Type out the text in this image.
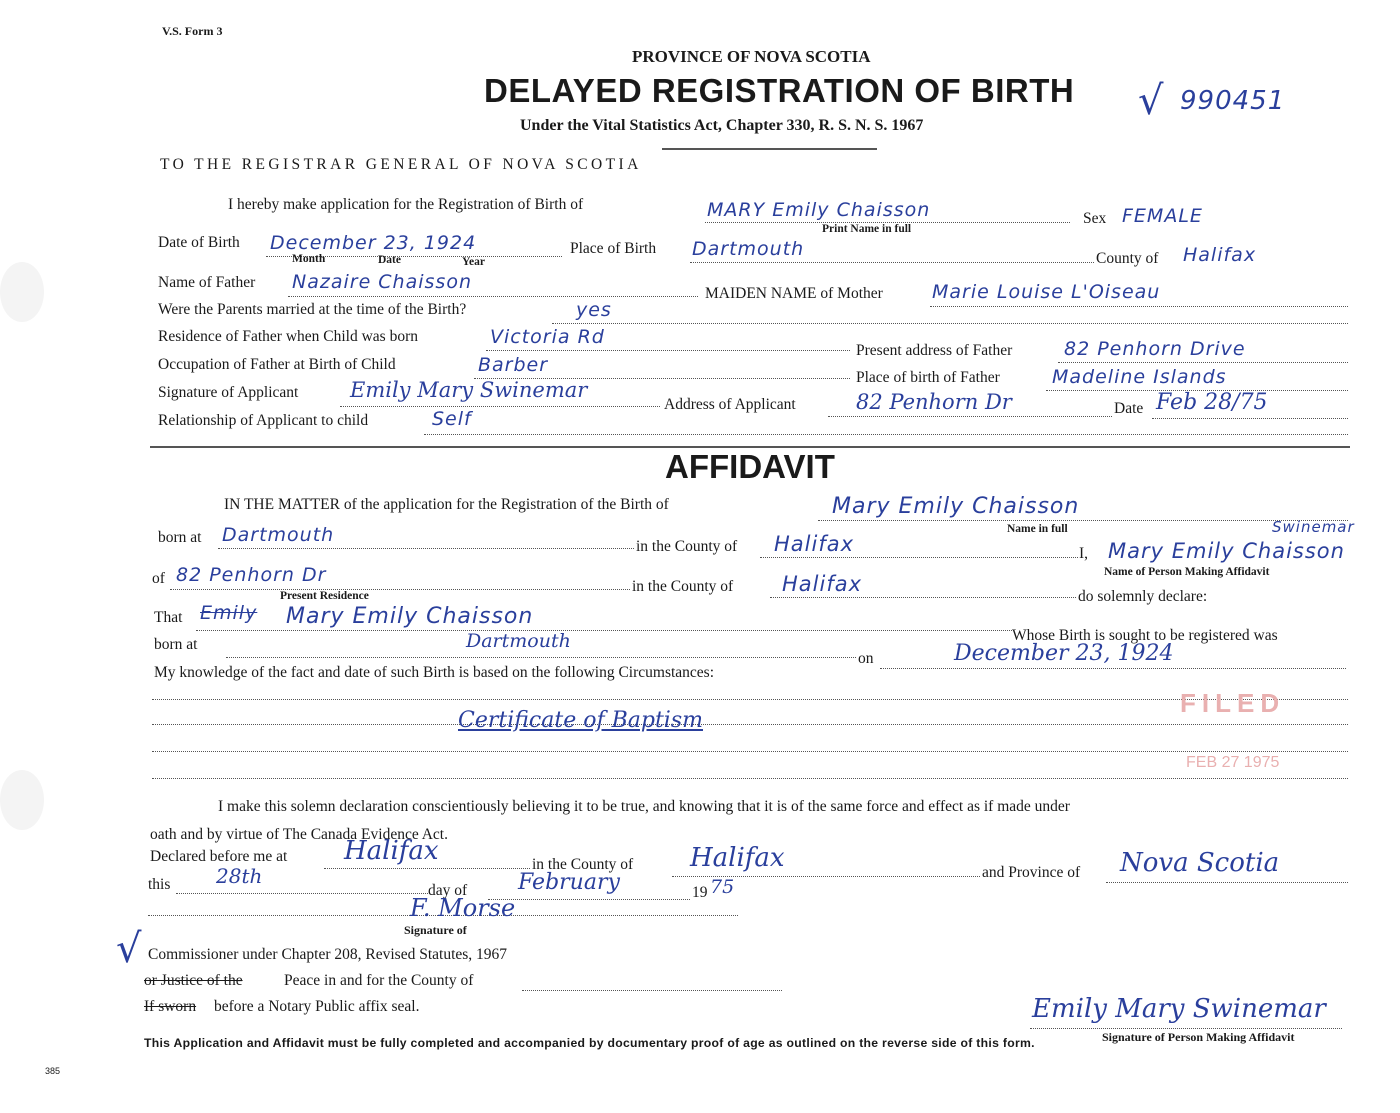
V.S. Form 3
PROVINCE OF NOVA SCOTIA
DELAYED REGISTRATION OF BIRTH
Under the Vital Statistics Act, Chapter 330, R. S. N. S. 1967
√ 990451
TO THE REGISTRAR GENERAL OF NOVA SCOTIA
I hereby make application for the Registration of Birth of	MARY Emily Chaisson
Print Name in full
Sex FEMALE
Date of Birth December 23, 1924
Month	Date	Year
Place of Birth Dartmouth	County of Halifax
Name of Father Nazaire Chaisson
MAIDEN NAME of Mother	Marie Louise L'Oiseau
Were the Parents married at the time of the Birth?	yes
Residence of Father when Child was born	Victoria Rd
Present address of Father	82 Penhorn Drive
Occupation of Father at Birth of Child	Barber
Place of birth of Father	Madeline Islands
Signature of Applicant Emily Mary Swinemar
Address of Applicant	82 Penhorn Dr	Date Feb 28/75
Relationship of Applicant to child	Self
AFFIDAVIT
IN THE MATTER of the application for the Registration of the Birth of	Mary Emily Chaisson
Name in full
born at Dartmouth
in the County of Halifax	I, Mary Emily Chaisson
Swinemar
Name of Person Making Affidavit
of 82 Penhorn Dr
Present Residence
in the County of Halifax
do solemnly declare:
That Emily Mary Emily Chaisson
Whose Birth is sought to be registered was
born at	Dartmouth
on	December 23, 1924
My knowledge of the fact and date of such Birth is based on the following Circumstances:
Certificate of Baptism
FILED
FEB 27 1975
I make this solemn declaration conscientiously believing it to be true, and knowing that it is of the same force and effect as if made under
oath and by virtue of The Canada Evidence Act.
Declared before me at Halifax	in the County of Halifax	and Province of Nova Scotia
this 28th
day of February	19 75
F. Morse
Signature of
√ Commissioner under Chapter 208, Revised Statutes, 1967
or Justice of the	Peace in and for the County of
If sworn before a Notary Public affix seal.	Emily Mary Swinemar
Signature of Person Making Affidavit
This Application and Affidavit must be fully completed and accompanied by documentary proof of age as outlined on the reverse side of this form.
385
